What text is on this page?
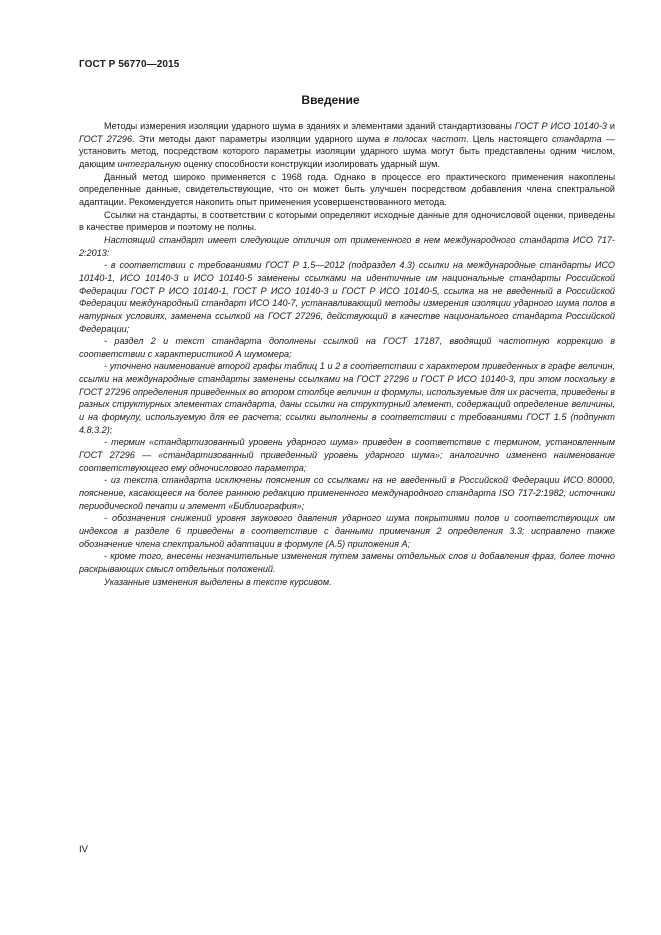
ГОСТ Р 56770—2015
Введение

Методы измерения изоляции ударного шума в зданиях и элементами зданий стандартизованы ГОСТ Р ИСО 10140-3 и ГОСТ 27296. Эти методы дают параметры изоляции ударного шума в полосах частот. Цель настоящего стандарта — установить метод, посредством которого параметры изоляции ударного шума могут быть представлены одним числом, дающим интегральную оценку способности конструкции изолировать ударный шум.

Данный метод широко применяется с 1968 года. Однако в процессе его практического применения накоплены определенные данные, свидетельствующие, что он может быть улучшен посредством добавления члена спектральной адаптации. Рекомендуется накопить опыт применения усовершенствованного метода.

Ссылки на стандарты, в соответствии с которыми определяют исходные данные для одночисловой оценки, приведены в качестве примеров и поэтому не полны.

Настоящий стандарт имеет следующие отличия от примененного в нем международного стандарта ИСО 717-2:2013:

- в соответствии с требованиями ГОСТ Р 1.5—2012 (подраздел 4.3) ссылки на международные стандарты ИСО 10140-1, ИСО 10140-3 и ИСО 10140-5 заменены ссылками на идентичные им национальные стандарты Российской Федерации ГОСТ Р ИСО 10140-1, ГОСТ Р ИСО 10140-3 и ГОСТ Р ИСО 10140-5, ссылка на не введенный в Российской Федерации международный стандарт ИСО 140-7, устанавливающий методы измерения изоляции ударного шума полов в натурных условиях, заменена ссылкой на ГОСТ 27296, действующий в качестве национального стандарта Российской Федерации;

- раздел 2 и текст стандарта дополнены ссылкой на ГОСТ 17187, вводящий частотную коррекцию в соответствии с характеристикой А шумомера;

- уточнено наименование второй графы таблиц 1 и 2 в соответствии с характером приведенных в графе величин, ссылки на международные стандарты заменены ссылками на ГОСТ 27296 и ГОСТ Р ИСО 10140-3, при этом поскольку в ГОСТ 27296 определения приведенных во втором столбце величин и формулы, используемые для их расчета, приведены в разных структурных элементах стандарта, даны ссылки на структурный элемент, содержащий определение величины, и на формулу, используемую для ее расчета; ссылки выполнены в соответствии с требованиями ГОСТ 1.5 (подпункт 4.8.3.2);

- термин «стандартизованный уровень ударного шума» приведен в соответствие с термином, установленным ГОСТ 27296 — «стандартизованный приведенный уровень ударного шума»; аналогично изменено наименование соответствующего ему одночислового параметра;

- из текста стандарта исключены пояснения со ссылками на не введенный в Российской Федерации ИСО 80000, пояснение, касающееся на более раннюю редакцию примененного международного стандарта ISO 717-2:1982, источники периодической печати и элемент «Библиография»;

- обозначения снижений уровня звукового давления ударного шума покрытиями полов и соответствующих им индексов в разделе 6 приведены в соответствие с данными примечания 2 определения 3.3; исправлено также обозначение члена спектральной адаптации в формуле (А.5) приложения А;

- кроме того, внесены незначительные изменения путем замены отдельных слов и добавления фраз, более точно раскрывающих смысл отдельных положений.

Указанные изменения выделены в тексте курсивом.

IV
